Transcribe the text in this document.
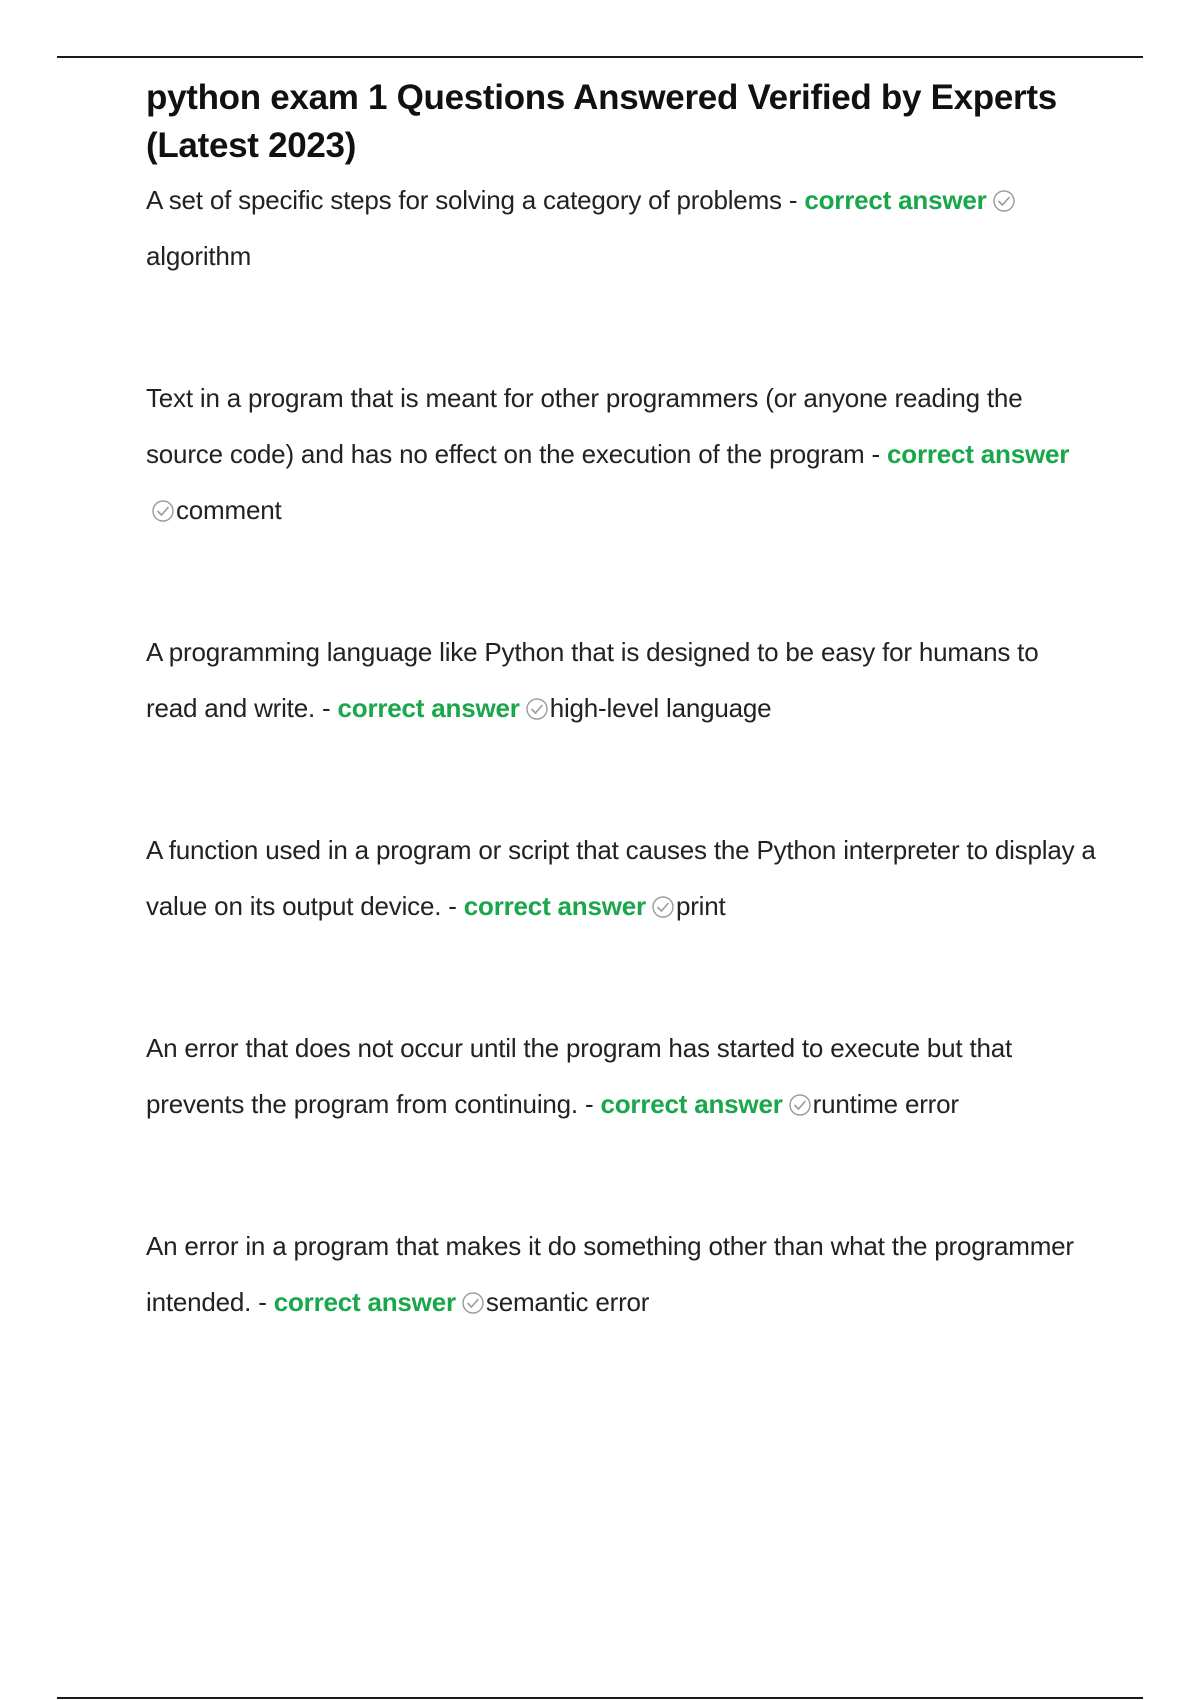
python exam 1 Questions Answered Verified by Experts (Latest 2023)

A set of specific steps for solving a category of problems - correct answer
algorithm

Text in a program that is meant for other programmers (or anyone reading the source code) and has no effect on the execution of the program - correct answer
comment

A programming language like Python that is designed to be easy for humans to read and write. - correct answer high-level language

A function used in a program or script that causes the Python interpreter to display a value on its output device. - correct answer print

An error that does not occur until the program has started to execute but that prevents the program from continuing. - correct answer runtime error

An error in a program that makes it do something other than what the programmer intended. - correct answer semantic error
